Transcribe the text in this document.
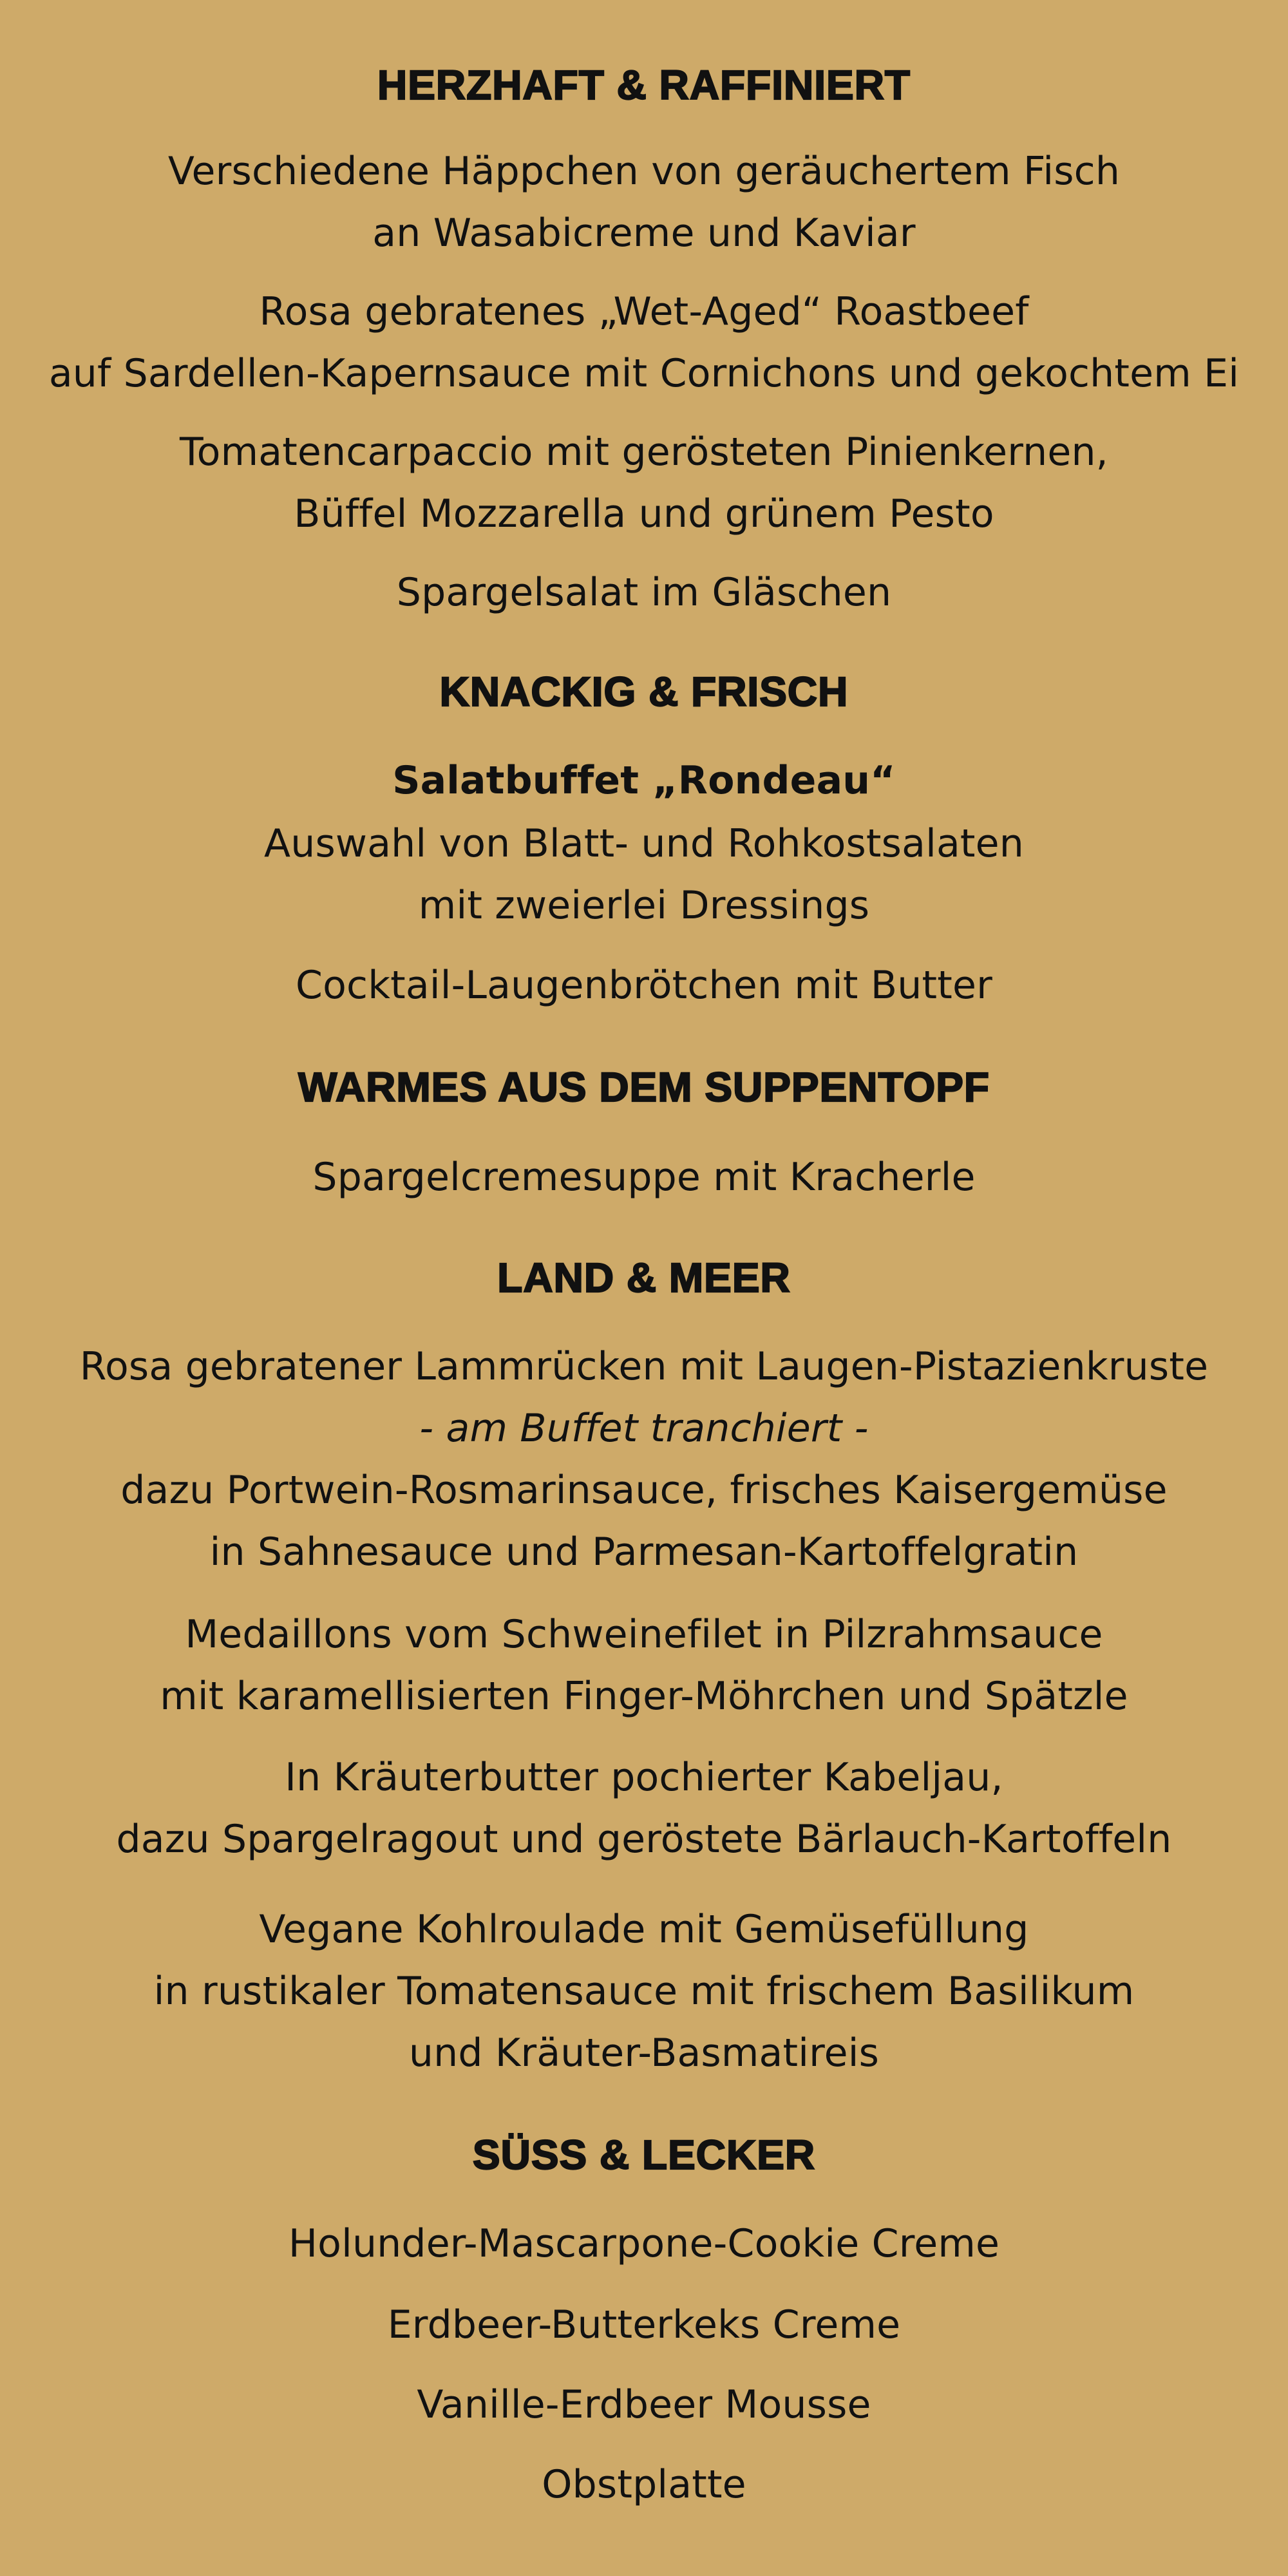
HERZHAFT & RAFFINIERT
Verschiedene Häppchen von geräuchertem Fisch
an Wasabicreme und Kaviar
Rosa gebratenes „Wet-Aged“ Roastbeef
auf Sardellen-Kapernsauce mit Cornichons und gekochtem Ei
Tomatencarpaccio mit gerösteten Pinienkernen,
Büffel Mozzarella und grünem Pesto
Spargelsalat im Gläschen
KNACKIG & FRISCH
Salatbuffet „Rondeau“
Auswahl von Blatt- und Rohkostsalaten
mit zweierlei Dressings
Cocktail-Laugenbrötchen mit Butter
WARMES AUS DEM SUPPENTOPF
Spargelcremesuppe mit Kracherle
LAND & MEER
Rosa gebratener Lammrücken mit Laugen-Pistazienkruste
- am Buffet tranchiert -
dazu Portwein-Rosmarinsauce, frisches Kaisergemüse
in Sahnesauce und Parmesan-Kartoffelgratin
Medaillons vom Schweinefilet in Pilzrahmsauce
mit karamellisierten Finger-Möhrchen und Spätzle
In Kräuterbutter pochierter Kabeljau,
dazu Spargelragout und geröstete Bärlauch-Kartoffeln
Vegane Kohlroulade mit Gemüsefüllung
in rustikaler Tomatensauce mit frischem Basilikum
und Kräuter-Basmatireis
SÜSS & LECKER
Holunder-Mascarpone-Cookie Creme
Erdbeer-Butterkeks Creme
Vanille-Erdbeer Mousse
Obstplatte
